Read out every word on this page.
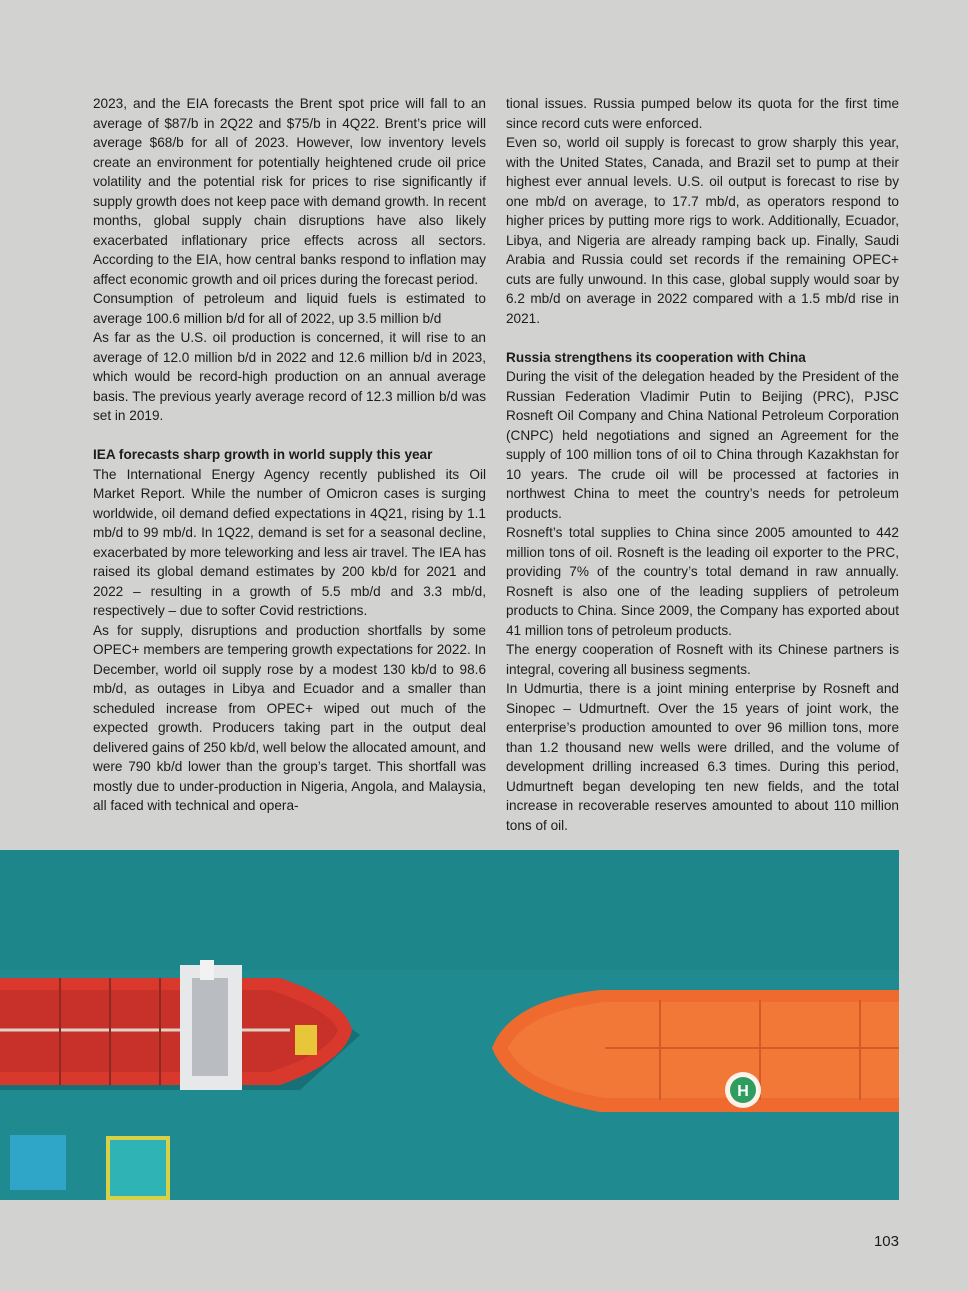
2023, and the EIA forecasts the Brent spot price will fall to an average of $87/b in 2Q22 and $75/b in 4Q22. Brent’s price will average $68/b for all of 2023. However, low inventory levels create an environment for potentially heightened crude oil price volatility and the potential risk for prices to rise significantly if supply growth does not keep pace with demand growth. In recent months, global supply chain disruptions have also likely exacerbated inflationary price effects across all sectors. According to the EIA, how central banks respond to inflation may affect economic growth and oil prices during the forecast period.

Consumption of petroleum and liquid fuels is estimated to average 100.6 million b/d for all of 2022, up 3.5 million b/d

As far as the U.S. oil production is concerned, it will rise to an average of 12.0 million b/d in 2022 and 12.6 million b/d in 2023, which would be record-high production on an annual average basis. The previous yearly average record of 12.3 million b/d was set in 2019.

IEA forecasts sharp growth in world supply this year

The International Energy Agency recently published its Oil Market Report. While the number of Omicron cases is surging worldwide, oil demand defied expectations in 4Q21, rising by 1.1 mb/d to 99 mb/d. In 1Q22, demand is set for a seasonal decline, exacerbated by more teleworking and less air travel. The IEA has raised its global demand estimates by 200 kb/d for 2021 and 2022 – resulting in a growth of 5.5 mb/d and 3.3 mb/d, respectively – due to softer Covid restrictions.

As for supply, disruptions and production shortfalls by some OPEC+ members are tempering growth expectations for 2022. In December, world oil supply rose by a modest 130 kb/d to 98.6 mb/d, as outages in Libya and Ecuador and a smaller than scheduled increase from OPEC+ wiped out much of the expected growth. Producers taking part in the output deal delivered gains of 250 kb/d, well below the allocated amount, and were 790 kb/d lower than the group’s target. This shortfall was mostly due to under-production in Nigeria, Angola, and Malaysia, all faced with technical and opera-

tional issues. Russia pumped below its quota for the first time since record cuts were enforced.

Even so, world oil supply is forecast to grow sharply this year, with the United States, Canada, and Brazil set to pump at their highest ever annual levels. U.S. oil output is forecast to rise by one mb/d on average, to 17.7 mb/d, as operators respond to higher prices by putting more rigs to work. Additionally, Ecuador, Libya, and Nigeria are already ramping back up. Finally, Saudi Arabia and Russia could set records if the remaining OPEC+ cuts are fully unwound. In this case, global supply would soar by 6.2 mb/d on average in 2022 compared with a 1.5 mb/d rise in 2021.

Russia strengthens its cooperation with China

During the visit of the delegation headed by the President of the Russian Federation Vladimir Putin to Beijing (PRC), PJSC Rosneft Oil Company and China National Petroleum Corporation (CNPC) held negotiations and signed an Agreement for the supply of 100 million tons of oil to China through Kazakhstan for 10 years. The crude oil will be processed at factories in northwest China to meet the country’s needs for petroleum products.

Rosneft’s total supplies to China since 2005 amounted to 442 million tons of oil. Rosneft is the leading oil exporter to the PRC, providing 7% of the country’s total demand in raw annually. Rosneft is also one of the leading suppliers of petroleum products to China. Since 2009, the Company has exported about 41 million tons of petroleum products.

The energy cooperation of Rosneft with its Chinese partners is integral, covering all business segments.

In Udmurtia, there is a joint mining enterprise by Rosneft and Sinopec – Udmurtneft. Over the 15 years of joint work, the enterprise’s production amounted to over 96 million tons, more than 1.2 thousand new wells were drilled, and the volume of development drilling increased 6.3 times. During this period, Udmurtneft began developing ten new fields, and the total increase in recoverable reserves amounted to about 110 million tons of oil.

H
103
